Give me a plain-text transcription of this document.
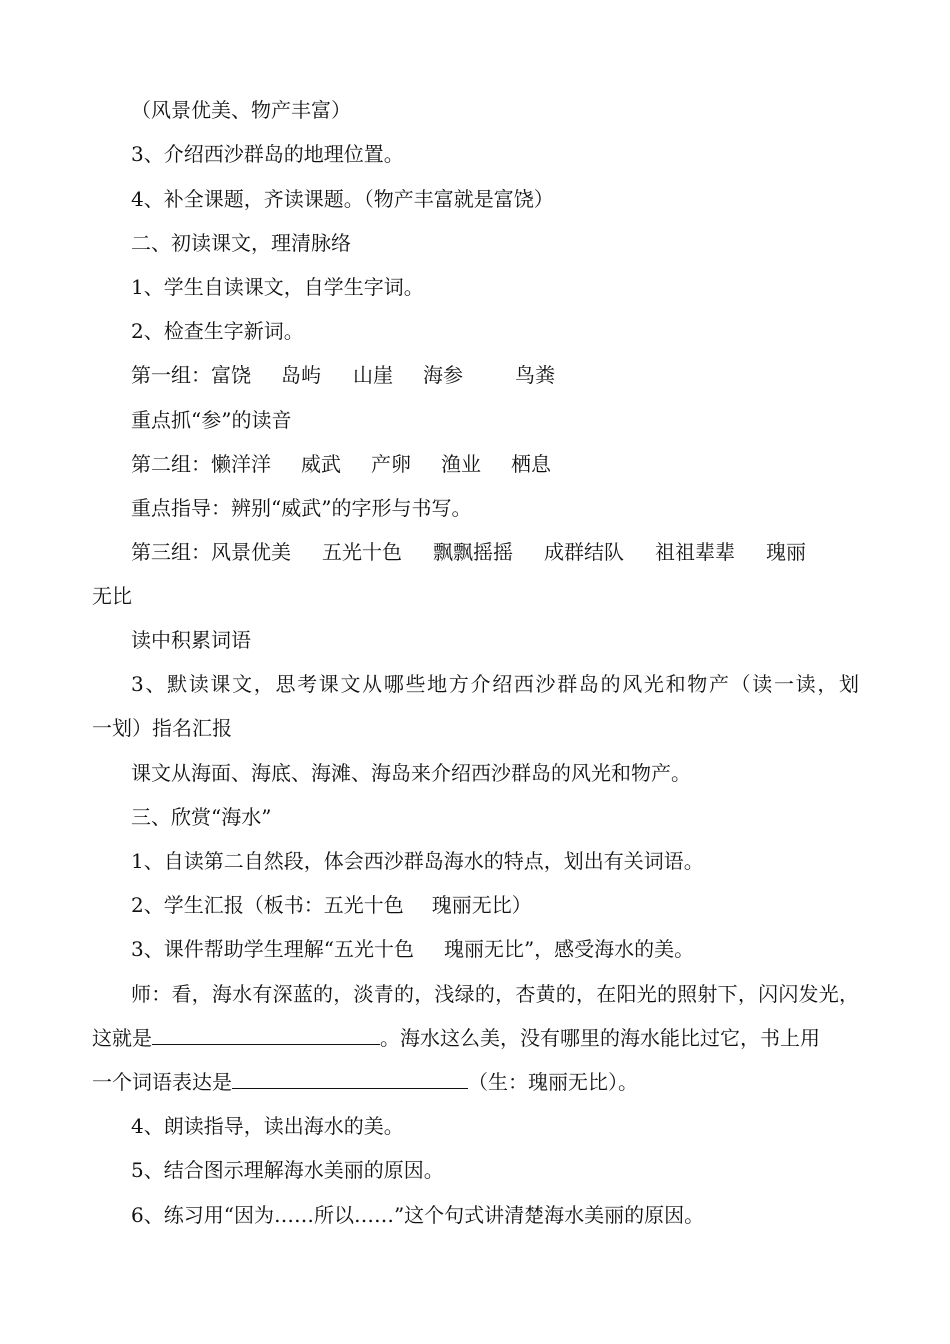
（风景优美、物产丰富）
3、介绍西沙群岛的地理位置。
4、补全课题，齐读课题。（物产丰富就是富饶）
二、初读课文，理清脉络
1、学生自读课文，自学生字词。
2、检查生字新词。
第一组：富饶 岛屿 山崖 海参	鸟粪
重点抓“参”的读音
第二组：懒洋洋 威武 产卵 渔业 栖息
重点指导：辨别“威武”的字形与书写。
第三组：风景优美 五光十色 飘飘摇摇 成群结队 祖祖辈辈 瑰丽
无比
读中积累词语
3、默读课文，思考课文从哪些地方介绍西沙群岛的风光和物产（读一读，划
一划）指名汇报
课文从海面、海底、海滩、海岛来介绍西沙群岛的风光和物产。
三、欣赏“海水”
1、自读第二自然段，体会西沙群岛海水的特点，划出有关词语。
2、学生汇报（板书：五光十色 瑰丽无比）
3、课件帮助学生理解“五光十色 瑰丽无比”，感受海水的美。
师：看，海水有深蓝的，淡青的，浅绿的，杏黄的，在阳光的照射下，闪闪发光，
这就是	。海水这么美，没有哪里的海水能比过它，书上用
一个词语表达是	（生：瑰丽无比）。
4、朗读指导，读出海水的美。
5、结合图示理解海水美丽的原因。
6、练习用“因为……所以……”这个句式讲清楚海水美丽的原因。
